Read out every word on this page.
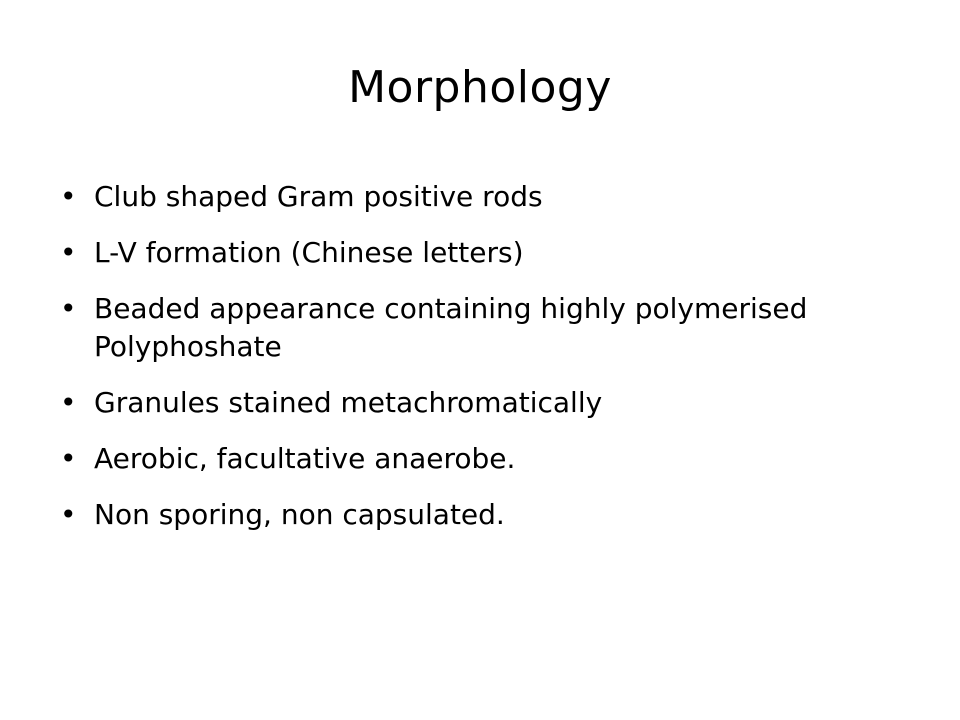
Morphology
• Club shaped Gram positive rods
• L-V formation (Chinese letters)
• Beaded appearance containing highly polymerised Polyphoshate
• Granules stained metachromatically
• Aerobic, facultative anaerobe.
• Non sporing, non capsulated.
